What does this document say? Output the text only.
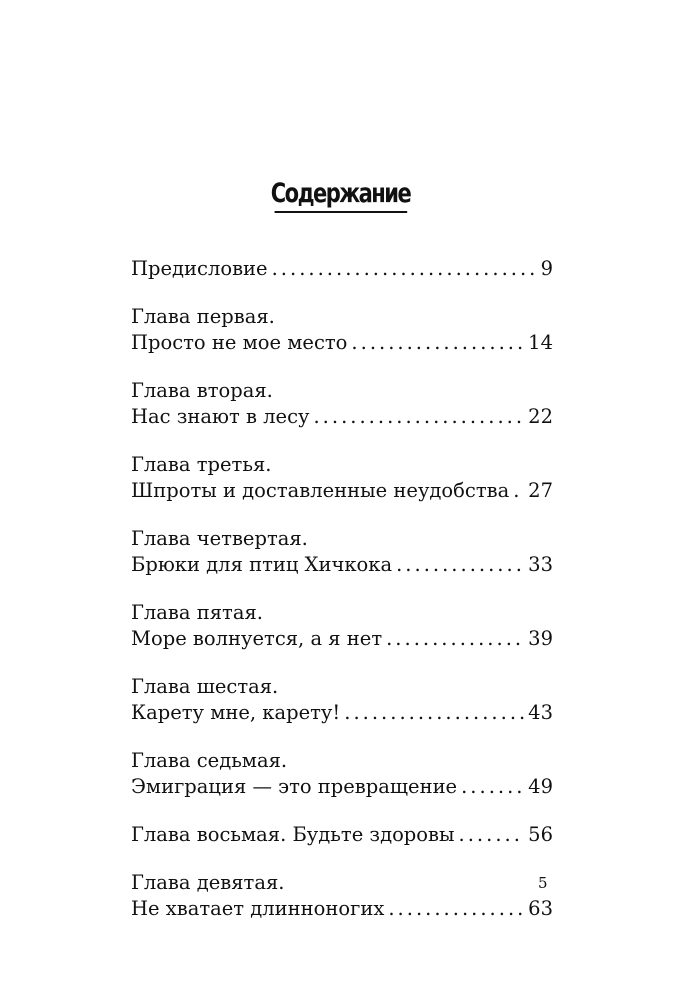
Содержание
Предисловие .....	9
Глава первая.
Просто не мое место .....	14
Глава вторая.
Нас знают в лесу .....	22
Глава третья.
Шпроты и доставленные неудобства ..... 27
Глава четвертая.
Брюки для птиц Хичкока .....	33
Глава пятая.
Море волнуется, а я нет .....	39
Глава шестая.
Карету мне, карету! .....	43
Глава седьмая.
Эмиграция — это превращение .....	49
Глава восьмая. Будьте здоровы .....	56
Глава девятая.
Не хватает длинноногих .....	63
5
